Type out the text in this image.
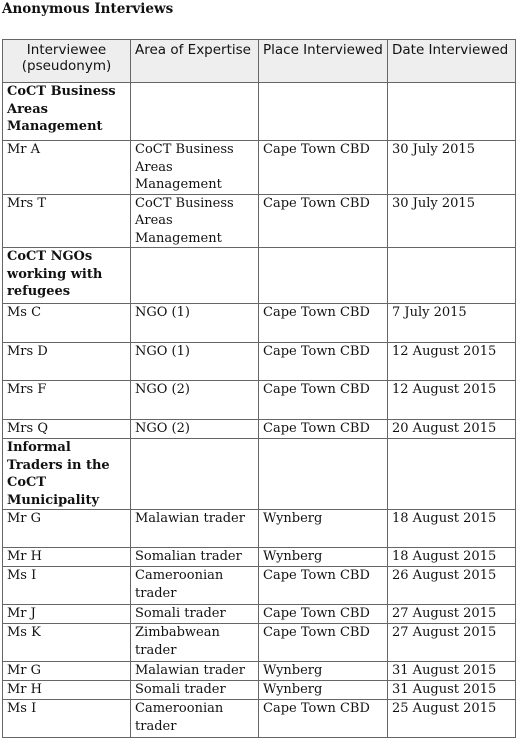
Anonymous Interviews
Interviewee (pseudonym)	Area of Expertise	Place Interviewed	Date Interviewed
CoCT Business Areas Management			
Mr A	CoCT Business Areas Management	Cape Town CBD	30 July 2015
Mrs T	CoCT Business Areas Management	Cape Town CBD	30 July 2015
CoCT NGOs working with refugees			
Ms C	NGO (1)	Cape Town CBD	7 July 2015
Mrs D	NGO (1)	Cape Town CBD	12 August 2015
Mrs F	NGO (2)	Cape Town CBD	12 August 2015
Mrs Q	NGO (2)	Cape Town CBD	20 August 2015
Informal Traders in the CoCT Municipality			
Mr G	Malawian trader	Wynberg	18 August 2015
Mr H	Somalian trader	Wynberg	18 August 2015
Ms I	Cameroonian trader	Cape Town CBD	26 August 2015
Mr J	Somali trader	Cape Town CBD	27 August 2015
Ms K	Zimbabwean trader	Cape Town CBD	27 August 2015
Mr G	Malawian trader	Wynberg	31 August 2015
Mr H	Somali trader	Wynberg	31 August 2015
Ms I	Cameroonian trader	Cape Town CBD	25 August 2015
